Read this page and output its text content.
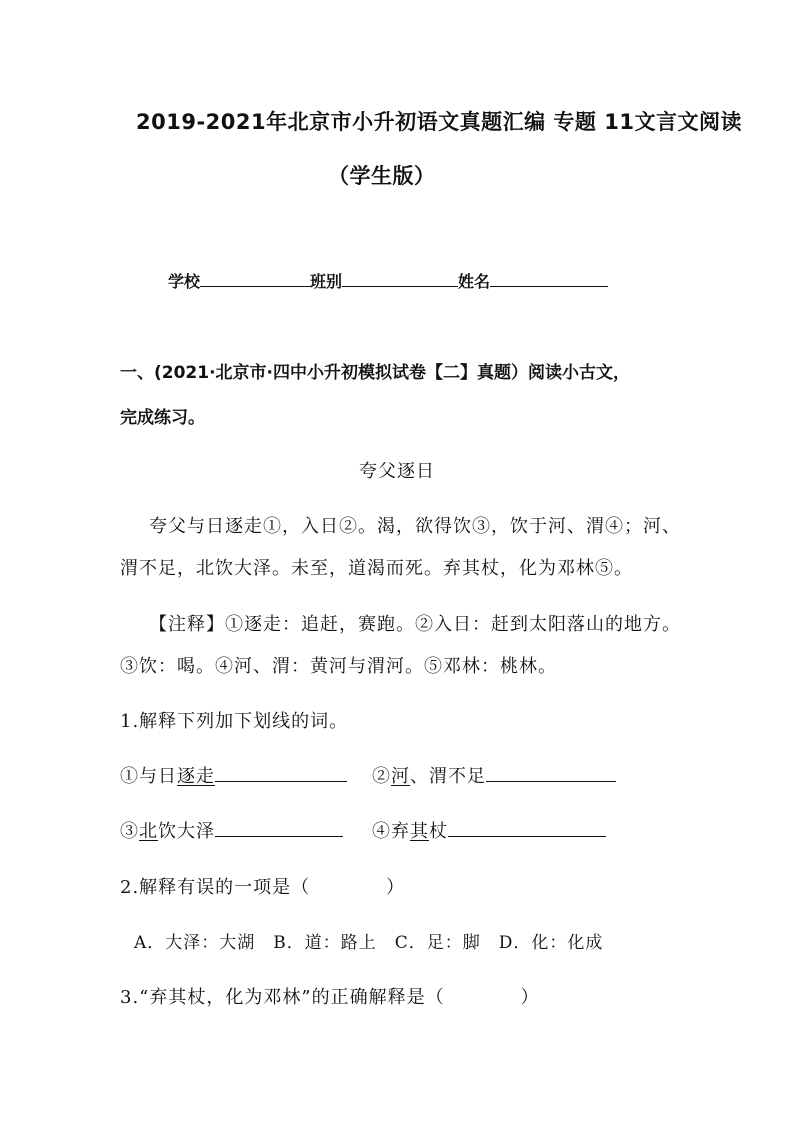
2019-2021年北京市小升初语文真题汇编 专题 11文言文阅读
（学生版）
学校	班别	姓名
一、(2021·北京市·四中小升初模拟试卷【二】真题）阅读小古文，
完成练习。
夸父逐日
夸父与日逐走①，入日②。渴，欲得饮③，饮于河、渭④；河、
渭不足，北饮大泽。未至，道渴而死。弃其杖，化为邓林⑤。
【注释】①逐走：追赶，赛跑。②入日：赶到太阳落山的地方。
③饮：喝。④河、渭：黄河与渭河。⑤邓林：桃林。
1.解释下列加下划线的词。
①与日逐走	②河、渭不足
③北饮大泽	④弃其杖
2.解释有误的一项是（　　　　）
A．大泽：大湖　B．道：路上　C．足：脚　D．化：化成
3.“弃其杖，化为邓林”的正确解释是（　　　　）
